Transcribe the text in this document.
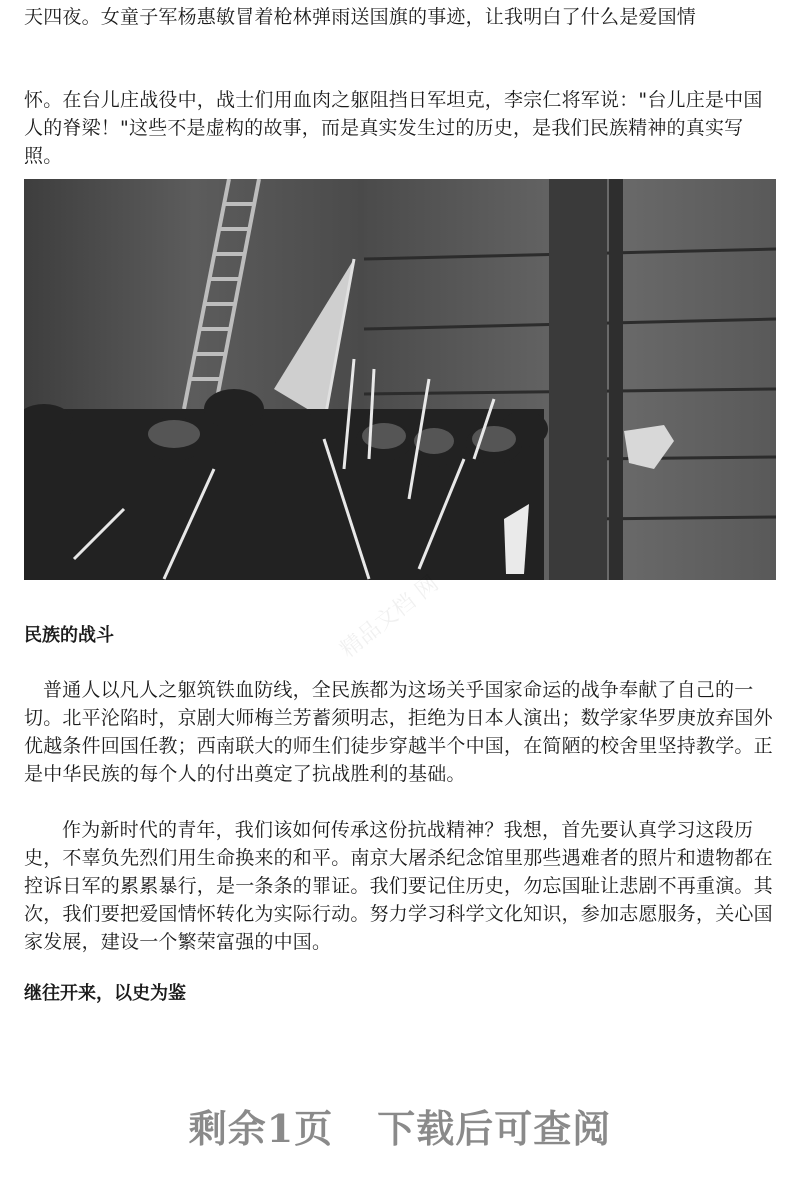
天四夜。女童子军杨惠敏冒着枪林弹雨送国旗的事迹，让我明白了什么是爱国情

怀。在台儿庄战役中，战士们用血肉之躯阻挡日军坦克，李宗仁将军说："台儿庄是中国人的脊梁！"这些不是虚构的故事，而是真实发生过的历史，是我们民族精神的真实写照。

精品文档 网
民族的战斗

普通人以凡人之躯筑铁血防线，全民族都为这场关乎国家命运的战争奉献了自己的一切。北平沦陷时，京剧大师梅兰芳蓄须明志，拒绝为日本人演出；数学家华罗庚放弃国外优越条件回国任教；西南联大的师生们徒步穿越半个中国，在简陋的校舍里坚持教学。正是中华民族的每个人的付出奠定了抗战胜利的基础。

作为新时代的青年，我们该如何传承这份抗战精神？我想，首先要认真学习这段历史，不辜负先烈们用生命换来的和平。南京大屠杀纪念馆里那些遇难者的照片和遗物都在控诉日军的累累暴行，是一条条的罪证。我们要记住历史，勿忘国耻让悲剧不再重演。其次，我们要把爱国情怀转化为实际行动。努力学习科学文化知识，参加志愿服务，关心国家发展，建设一个繁荣富强的中国。

继往开来，以史为鉴
剩余1页 下载后可查阅
